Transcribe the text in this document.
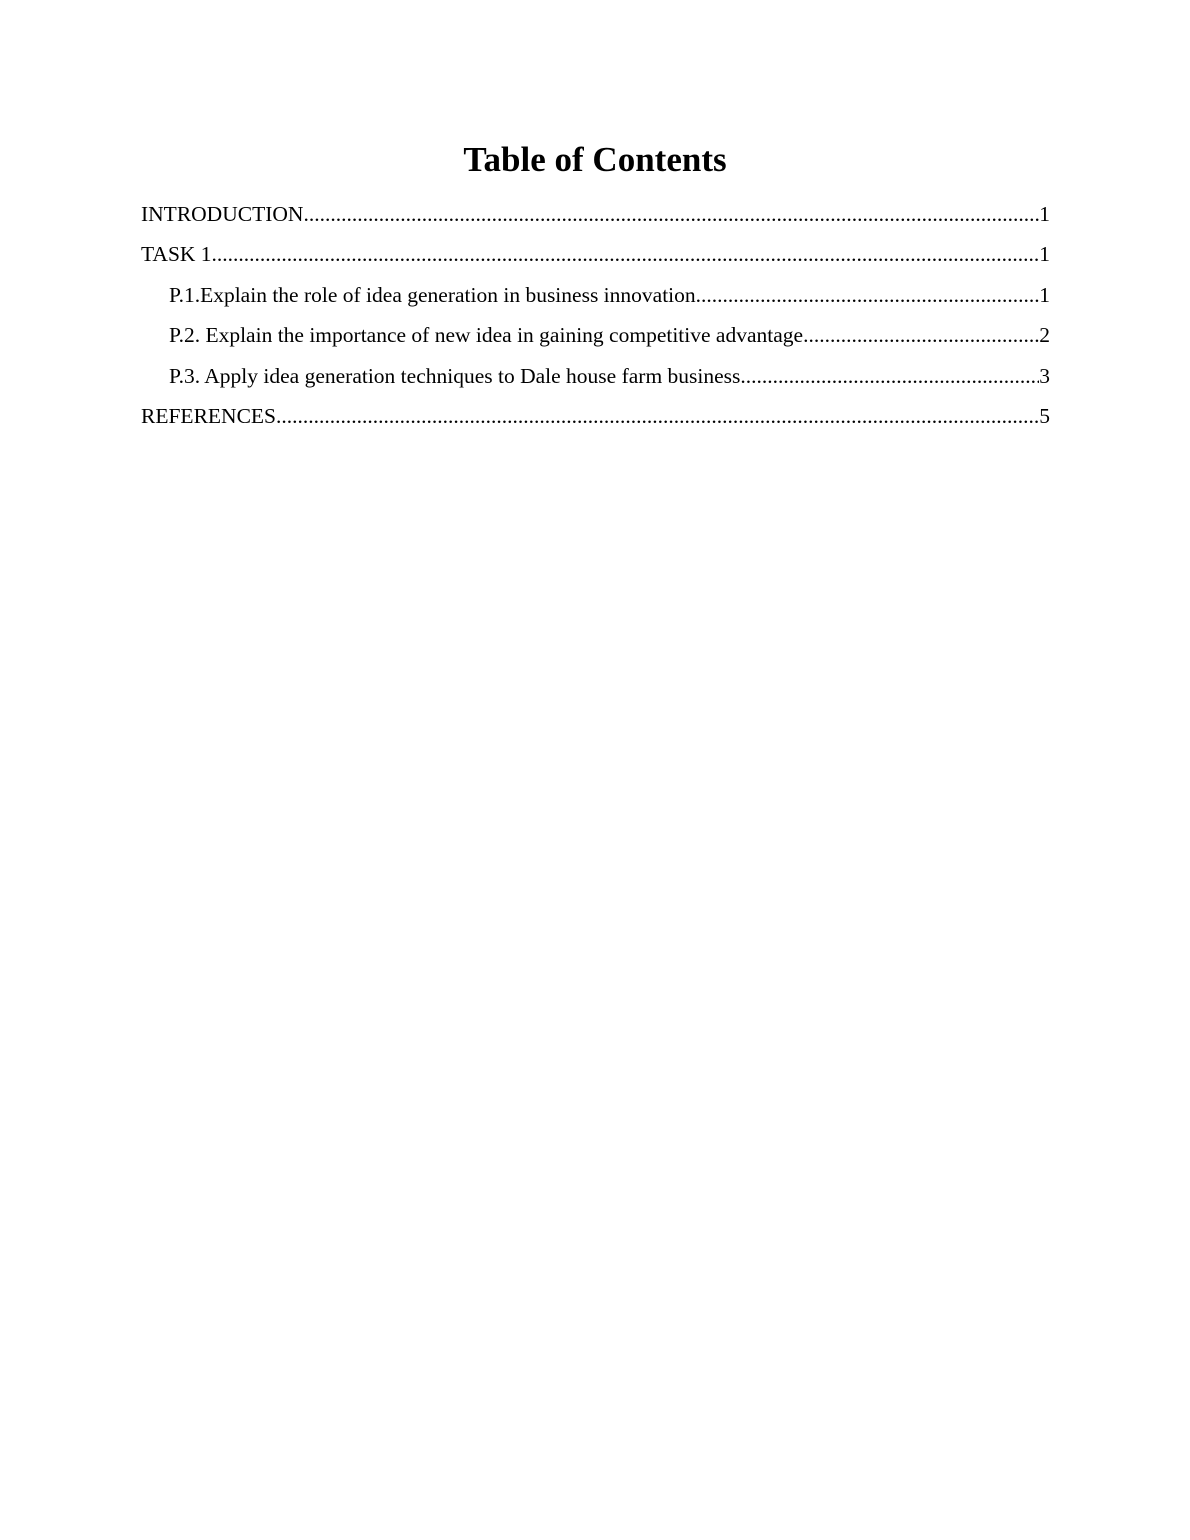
Table of Contents
INTRODUCTION .....	1
TASK 1 .....	1
P.1.Explain the role of idea generation in business innovation .....	1
P.2. Explain the importance of new idea in gaining competitive advantage .....	2
P.3. Apply idea generation techniques to Dale house farm business .....	3
REFERENCES .....	5
